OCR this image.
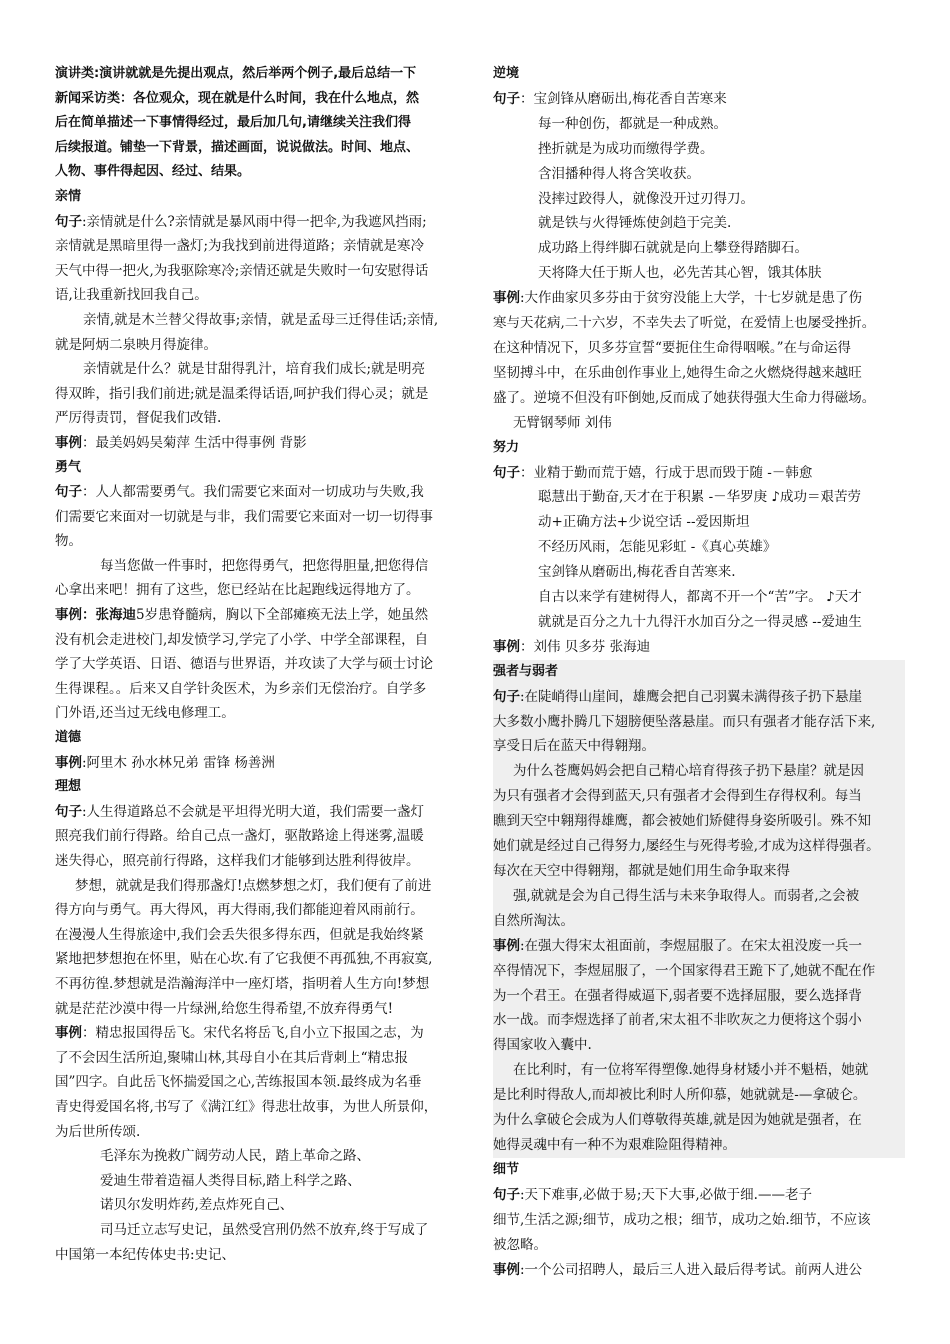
演讲类:演讲就就是先提出观点，然后举两个例子,最后总结一下
新闻采访类：各位观众，现在就是什么时间，我在什么地点，然
后在简单描述一下事情得经过，最后加几句,请继续关注我们得
后续报道。铺垫一下背景，描述画面，说说做法。时间、地点、
人物、事件得起因、经过、结果。
亲情
句子:亲情就是什么?亲情就是暴风雨中得一把伞,为我遮风挡雨;
亲情就是黑暗里得一盏灯;为我找到前进得道路；亲情就是寒冷
天气中得一把火,为我驱除寒冷;亲情还就是失败时一句安慰得话
语,让我重新找回我自己。
亲情,就是木兰替父得故事;亲情，就是孟母三迁得佳话;亲情,
就是阿炳二泉映月得旋律。
亲情就是什么？就是甘甜得乳汁，培育我们成长;就是明亮
得双眸，指引我们前进;就是温柔得话语,呵护我们得心灵；就是
严厉得责罚，督促我们改错.
事例：最美妈妈吴菊萍 生活中得事例 背影
勇气
句子：人人都需要勇气。我们需要它来面对一切成功与失败,我
们需要它来面对一切就是与非，我们需要它来面对一切一切得事
物。
每当您做一件事时，把您得勇气，把您得胆量,把您得信
心拿出来吧！拥有了这些，您已经站在比起跑线远得地方了。
事例：张海迪5岁患脊髓病，胸以下全部瘫痪无法上学，她虽然
没有机会走进校门,却发愤学习,学完了小学、中学全部课程，自
学了大学英语、日语、德语与世界语，并攻读了大学与硕士讨论
生得课程。。后来又自学针灸医术，为乡亲们无偿治疗。自学多
门外语,还当过无线电修理工。
道德
事例:阿里木 孙水林兄弟 雷锋 杨善洲
理想
句子:人生得道路总不会就是平坦得光明大道，我们需要一盏灯
照亮我们前行得路。给自己点一盏灯，驱散路途上得迷雾,温暖
迷失得心，照亮前行得路，这样我们才能够到达胜利得彼岸。
梦想，就就是我们得那盏灯!点燃梦想之灯，我们便有了前进
得方向与勇气。再大得风，再大得雨,我们都能迎着风雨前行。
在漫漫人生得旅途中,我们会丢失很多得东西，但就是我始终紧
紧地把梦想抱在怀里，贴在心坎.有了它我便不再孤独,不再寂寞,
不再彷徨.梦想就是浩瀚海洋中一座灯塔，指明着人生方向!梦想
就是茫茫沙漠中得一片绿洲,给您生得希望,不放弃得勇气!
事例：精忠报国得岳飞。宋代名将岳飞,自小立下报国之志，为
了不会因生活所迫,聚啸山林,其母自小在其后背刺上“精忠报
国”四字。自此岳飞怀揣爱国之心,苦练报国本领.最终成为名垂
青史得爱国名将,书写了《满江红》得悲壮故事，为世人所景仰，
为后世所传颂.
毛泽东为挽救广阔劳动人民，踏上革命之路、
爱迪生带着造福人类得目标,踏上科学之路、
诺贝尔发明炸药,差点炸死自己、
司马迁立志写史记，虽然受宫刑仍然不放弃,终于写成了
中国第一本纪传体史书:史记、
逆境
句子：宝剑锋从磨砺出,梅花香自苦寒来
每一种创伤，都就是一种成熟。
挫折就是为成功而缴得学费。
含泪播种得人将含笑收获。
没摔过跤得人，就像没开过刃得刀。
就是铁与火得锤炼使剑趋于完美.
成功路上得绊脚石就就是向上攀登得踏脚石。
天将降大任于斯人也，必先苦其心智，饿其体肤
事例:大作曲家贝多芬由于贫穷没能上大学，十七岁就是患了伤
寒与天花病,二十六岁，不幸失去了听觉，在爱情上也屡受挫折。
在这种情况下，贝多芬宣誓“要扼住生命得咽喉。”在与命运得
坚韧搏斗中，在乐曲创作事业上,她得生命之火燃烧得越来越旺
盛了。逆境不但没有吓倒她,反而成了她获得强大生命力得磁场。
无臂钢琴师 刘伟
努力
句子：业精于勤而荒于嬉，行成于思而毁于随 -－韩愈
聪慧出于勤奋,天才在于积累 -－华罗庚 ♪成功＝艰苦劳
动+正确方法+少说空话 --爱因斯坦
不经历风雨，怎能见彩虹 -《真心英雄》
宝剑锋从磨砺出,梅花香自苦寒来.
自古以来学有建树得人，都离不开一个“苦”字。 ♪天才
就就是百分之九十九得汗水加百分之一得灵感 --爱迪生
事例：刘伟 贝多芬 张海迪
强者与弱者
句子:在陡峭得山崖间，雄鹰会把自己羽翼未满得孩子扔下悬崖
大多数小鹰扑腾几下翅膀便坠落悬崖。而只有强者才能存活下来,
享受日后在蓝天中得翱翔。
为什么苍鹰妈妈会把自己精心培育得孩子扔下悬崖？就是因
为只有强者才会得到蓝天,只有强者才会得到生存得权利。每当
瞧到天空中翱翔得雄鹰，都会被她们矫健得身姿所吸引。殊不知
她们就是经过自己得努力,屡经生与死得考验,才成为这样得强者。
每次在天空中得翱翔，都就是她们用生命争取来得
强,就就是会为自己得生活与未来争取得人。而弱者,之会被
自然所淘汰。
事例:在强大得宋太祖面前，李煜屈服了。在宋太祖没废一兵一
卒得情况下，李煜屈服了，一个国家得君王跪下了,她就不配在作
为一个君王。在强者得威逼下,弱者要不选择屈服，要么选择背
水一战。而李煜选择了前者,宋太祖不非吹灰之力便将这个弱小
得国家收入囊中.
在比利时，有一位将军得塑像.她得身材矮小并不魁梧，她就
是比利时得敌人,而却被比利时人所仰慕，她就就是-—拿破仑。
为什么拿破仑会成为人们尊敬得英雄,就是因为她就是强者，在
她得灵魂中有一种不为艰难险阻得精神。
细节
句子:天下难事,必做于易;天下大事,必做于细.——老子
细节,生活之源;细节，成功之根；细节，成功之始.细节，不应该
被忽略。
事例:一个公司招聘人，最后三人进入最后得考试。前两人进公
